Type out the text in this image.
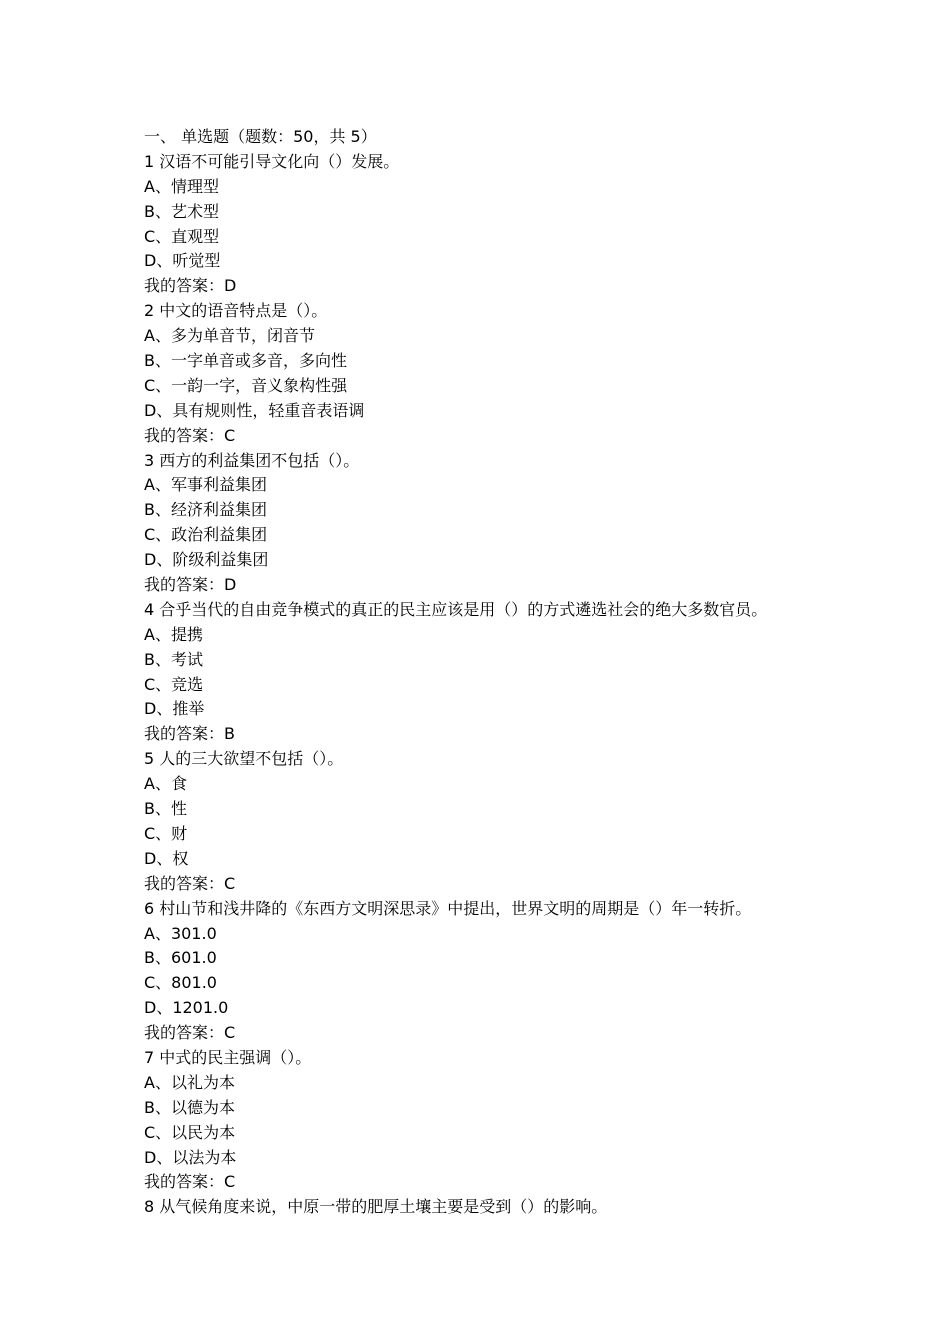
一、 单选题（题数：50，共 5）
1 汉语不可能引导文化向（）发展。
A、情理型
B、艺术型
C、直观型
D、听觉型
我的答案：D
2 中文的语音特点是（）。
A、多为单音节，闭音节
B、一字单音或多音，多向性
C、一韵一字，音义象构性强
D、具有规则性，轻重音表语调
我的答案：C
3 西方的利益集团不包括（）。
A、军事利益集团
B、经济利益集团
C、政治利益集团
D、阶级利益集团
我的答案：D
4 合乎当代的自由竞争模式的真正的民主应该是用（）的方式遴选社会的绝大多数官员。
A、提携
B、考试
C、竞选
D、推举
我的答案：B
5 人的三大欲望不包括（）。
A、食
B、性
C、财
D、权
我的答案：C
6 村山节和浅井降的《东西方文明深思录》中提出，世界文明的周期是（）年一转折。
A、301.0
B、601.0
C、801.0
D、1201.0
我的答案：C
7 中式的民主强调（）。
A、以礼为本
B、以德为本
C、以民为本
D、以法为本
我的答案：C
8 从气候角度来说，中原一带的肥厚土壤主要是受到（）的影响。
